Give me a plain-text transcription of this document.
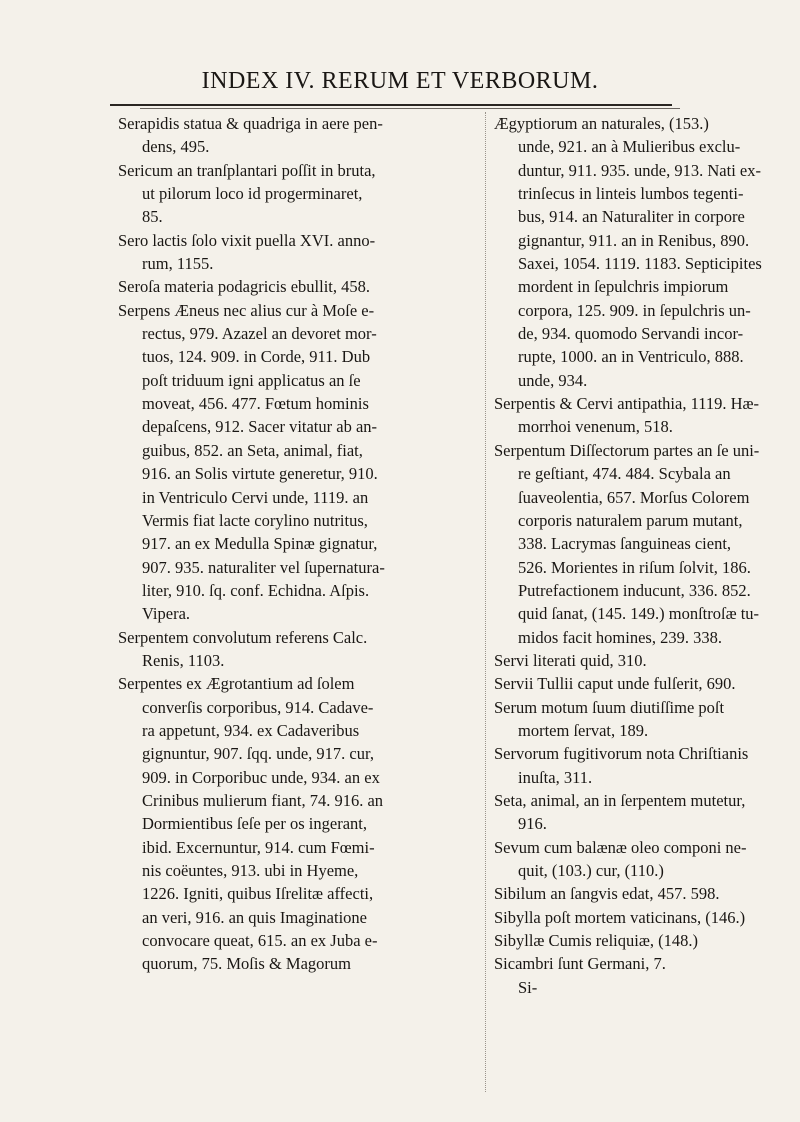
INDEX IV. RERUM ET VERBORUM.
Serapidis statua & quadriga in aere pen-
dens, 495.
Sericum an tranſplantari poſſit in bruta,
ut pilorum loco id progerminaret,
85.
Sero lactis ſolo vixit puella XVI. anno-
rum, 1155.
Seroſa materia podagricis ebullit, 458.
Serpens Æneus nec alius cur à Moſe e-
rectus, 979. Azazel an devoret mor-
tuos, 124. 909. in Corde, 911. Dub
poſt triduum igni applicatus an ſe
moveat, 456. 477. Fœtum hominis
depaſcens, 912. Sacer vitatur ab an-
guibus, 852. an Seta, animal, fiat,
916. an Solis virtute generetur, 910.
in Ventriculo Cervi unde, 1119. an
Vermis fiat lacte corylino nutritus,
917. an ex Medulla Spinæ gignatur,
907. 935. naturaliter vel ſupernatura-
liter, 910. ſq. conf. Echidna. Aſpis.
Vipera.
Serpentem convolutum referens Calc.
Renis, 1103.
Serpentes ex Ægrotantium ad ſolem
converſis corporibus, 914. Cadave-
ra appetunt, 934. ex Cadaveribus
gignuntur, 907. ſqq. unde, 917. cur,
909. in Corporibuc unde, 934. an ex
Crinibus mulierum fiant, 74. 916. an
Dormientibus ſeſe per os ingerant,
ibid. Excernuntur, 914. cum Fœmi-
nis coëuntes, 913. ubi in Hyeme,
1226. Igniti, quibus Iſrelitæ affecti,
an veri, 916. an quis Imaginatione
convocare queat, 615. an ex Juba e-
quorum, 75. Moſis & Magorum
Ægyptiorum an naturales, (153.)
unde, 921. an à Mulieribus exclu-
duntur, 911. 935. unde, 913. Nati ex-
trinſecus in linteis lumbos tegenti-
bus, 914. an Naturaliter in corpore
gignantur, 911. an in Renibus, 890.
Saxei, 1054. 1119. 1183. Septicipites
mordent in ſepulchris impiorum
corpora, 125. 909. in ſepulchris un-
de, 934. quomodo Servandi incor-
rupte, 1000. an in Ventriculo, 888.
unde, 934.
Serpentis & Cervi antipathia, 1119. Hæ-
morrhoi venenum, 518.
Serpentum Diſſectorum partes an ſe uni-
re geſtiant, 474. 484. Scybala an
ſuaveolentia, 657. Morſus Colorem
corporis naturalem parum mutant,
338. Lacrymas ſanguineas cient,
526. Morientes in riſum ſolvit, 186.
Putrefactionem inducunt, 336. 852.
quid ſanat, (145. 149.) monſtroſæ tu-
midos facit homines, 239. 338.
Servi literati quid, 310.
Servii Tullii caput unde fulſerit, 690.
Serum motum ſuum diutiſſime poſt
mortem ſervat, 189.
Servorum fugitivorum nota Chriſtianis
inuſta, 311.
Seta, animal, an in ſerpentem mutetur,
916.
Sevum cum balænæ oleo componi ne-
quit, (103.) cur, (110.)
Sibilum an ſangvis edat, 457. 598.
Sibylla poſt mortem vaticinans, (146.)
Sibyllæ Cumis reliquiæ, (148.)
Sicambri ſunt Germani, 7.
Si-
